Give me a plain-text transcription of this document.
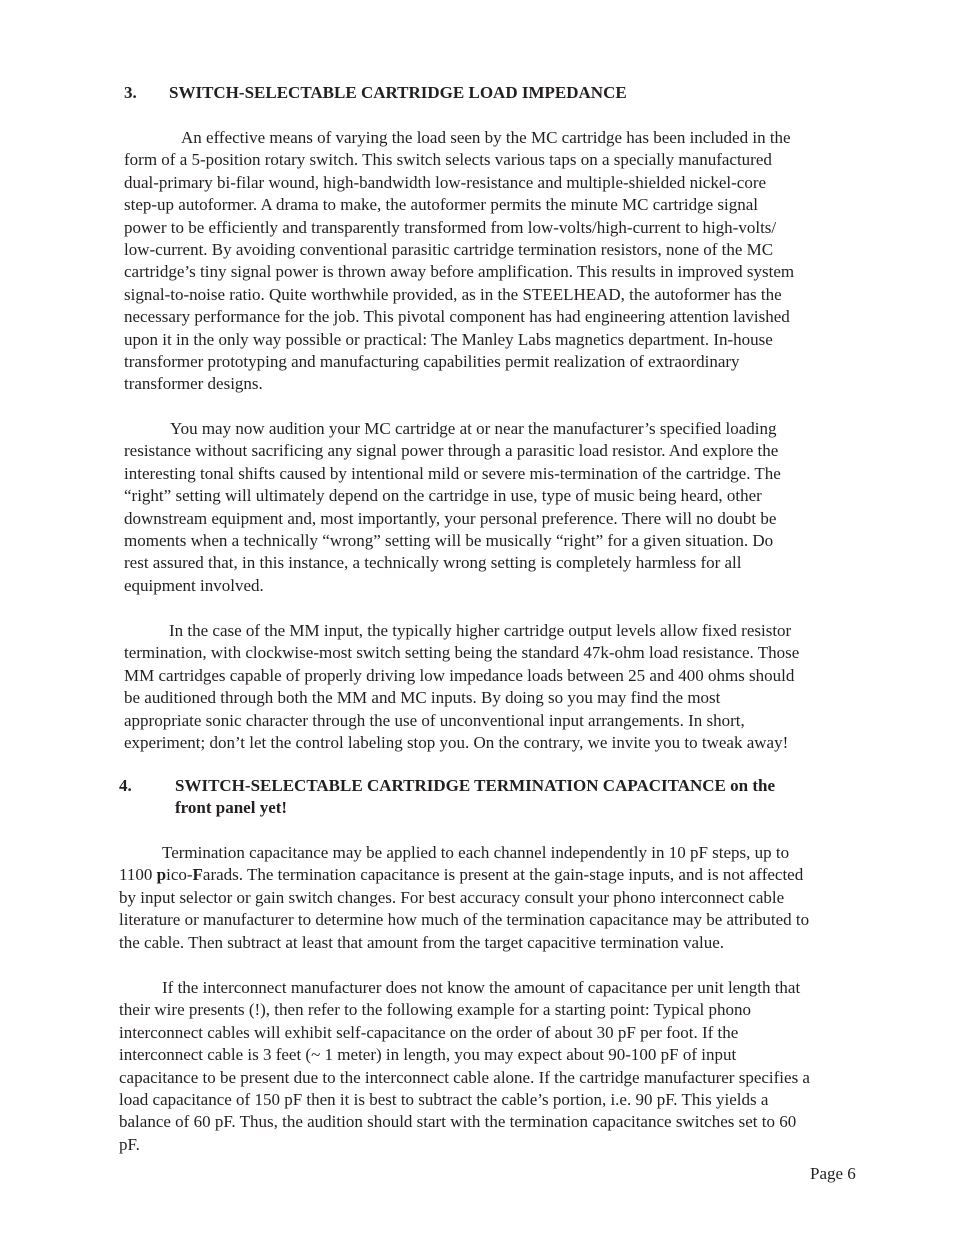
3. SWITCH-SELECTABLE CARTRIDGE LOAD IMPEDANCE
An effective means of varying the load seen by the MC cartridge has been included in the
form of a 5-position rotary switch. This switch selects various taps on a specially manufactured
dual-primary bi-filar wound, high-bandwidth low-resistance and multiple-shielded nickel-core
step-up autoformer. A drama to make, the autoformer permits the minute MC cartridge signal
power to be efficiently and transparently transformed from low-volts/high-current to high-volts/
low-current. By avoiding conventional parasitic cartridge termination resistors, none of the MC
cartridge’s tiny signal power is thrown away before amplification. This results in improved system
signal-to-noise ratio. Quite worthwhile provided, as in the STEELHEAD, the autoformer has the
necessary performance for the job. This pivotal component has had engineering attention lavished
upon it in the only way possible or practical: The Manley Labs magnetics department. In-house
transformer prototyping and manufacturing capabilities permit realization of extraordinary
transformer designs.
You may now audition your MC cartridge at or near the manufacturer’s specified loading
resistance without sacrificing any signal power through a parasitic load resistor. And explore the
interesting tonal shifts caused by intentional mild or severe mis-termination of the cartridge. The
“right” setting will ultimately depend on the cartridge in use, type of music being heard, other
downstream equipment and, most importantly, your personal preference. There will no doubt be
moments when a technically “wrong” setting will be musically “right” for a given situation. Do
rest assured that, in this instance, a technically wrong setting is completely harmless for all
equipment involved.
In the case of the MM input, the typically higher cartridge output levels allow fixed resistor
termination, with clockwise-most switch setting being the standard 47k-ohm load resistance. Those
MM cartridges capable of properly driving low impedance loads between 25 and 400 ohms should
be auditioned through both the MM and MC inputs. By doing so you may find the most
appropriate sonic character through the use of unconventional input arrangements. In short,
experiment; don’t let the control labeling stop you. On the contrary, we invite you to tweak away!
4.	SWITCH-SELECTABLE CARTRIDGE TERMINATION CAPACITANCE on the
front panel yet!
Termination capacitance may be applied to each channel independently in 10 pF steps, up to
1100 pico-Farads. The termination capacitance is present at the gain-stage inputs, and is not affected
by input selector or gain switch changes. For best accuracy consult your phono interconnect cable
literature or manufacturer to determine how much of the termination capacitance may be attributed to
the cable. Then subtract at least that amount from the target capacitive termination value.
If the interconnect manufacturer does not know the amount of capacitance per unit length that
their wire presents (!), then refer to the following example for a starting point: Typical phono
interconnect cables will exhibit self-capacitance on the order of about 30 pF per foot. If the
interconnect cable is 3 feet (~ 1 meter) in length, you may expect about 90-100 pF of input
capacitance to be present due to the interconnect cable alone. If the cartridge manufacturer specifies a
load capacitance of 150 pF then it is best to subtract the cable’s portion, i.e. 90 pF. This yields a
balance of 60 pF. Thus, the audition should start with the termination capacitance switches set to 60
pF.
Page 6
